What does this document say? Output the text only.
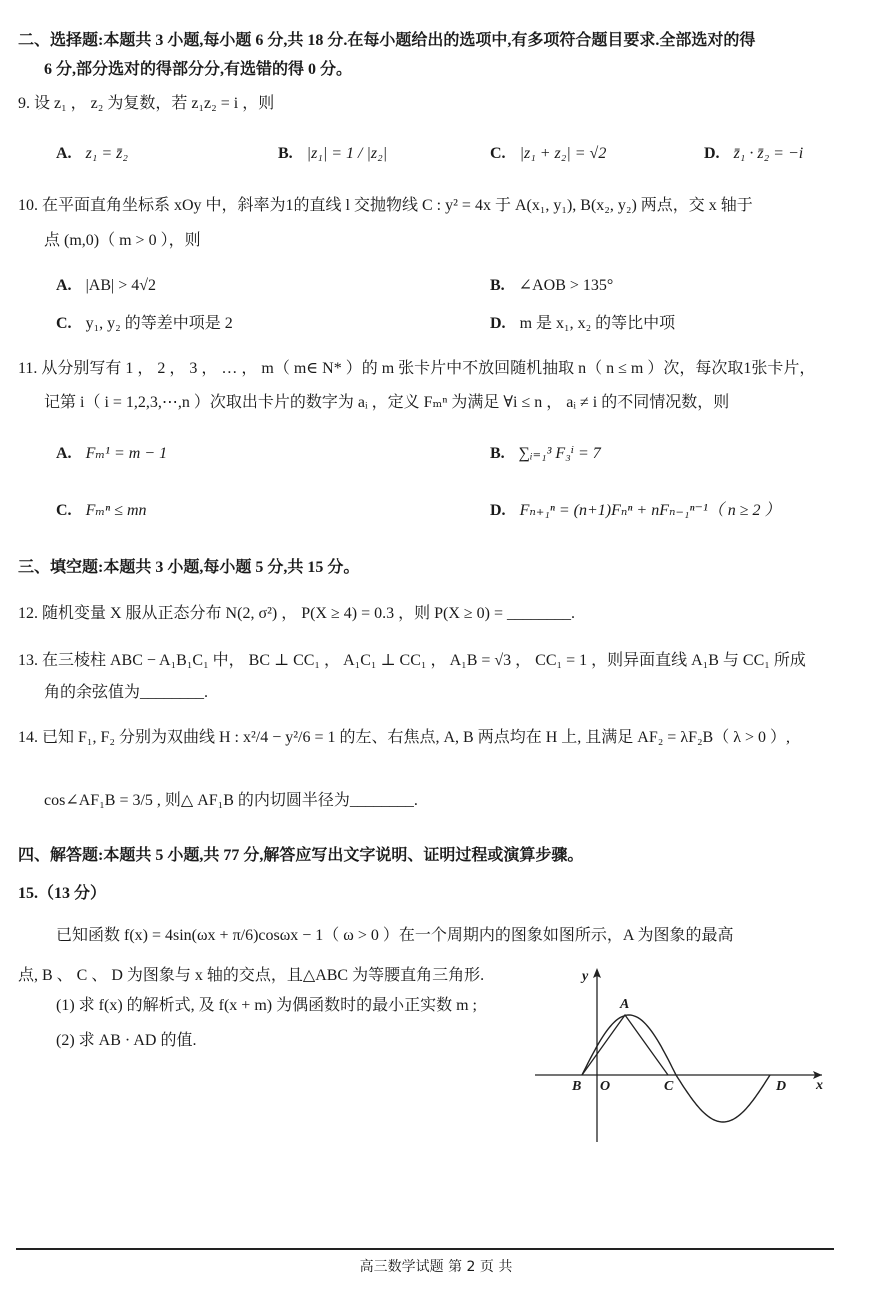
二、选择题:本题共 3 小题,每小题 6 分,共 18 分.在每小题给出的选项中,有多项符合题目要求.全部选对的得
6 分,部分选对的得部分分,有选错的得 0 分。
9. 设 z₁ ， z₂ 为复数，若 z₁z₂ = i ，则
A. z₁ = z̄₂	B. |z₁| = 1 / |z₂|	C. |z₁ + z₂| = √2	D. z̄₁ · z̄₂ = −i
10. 在平面直角坐标系 xOy 中，斜率为1的直线 l 交抛物线 C : y² = 4x 于 A(x₁, y₁), B(x₂, y₂) 两点，交 x 轴于
点 (m,0)（ m > 0 ），则
A. |AB| > 4√2	B. ∠AOB > 135°
C. y₁, y₂ 的等差中项是 2	D. m 是 x₁, x₂ 的等比中项
11. 从分别写有 1 ， 2 ， 3 ， … ， m（ m∈ N* ）的 m 张卡片中不放回随机抽取 n（ n ≤ m ）次，每次取1张卡片，
记第 i（ i = 1,2,3,⋯,n ）次取出卡片的数字为 aᵢ ，定义 Fₘⁿ 为满足 ∀i ≤ n ， aᵢ ≠ i 的不同情况数，则
A. Fₘ¹ = m − 1	B. ∑ᵢ₌₁³ F₃ⁱ = 7
C. Fₘⁿ ≤ mn	D. Fₙ₊₁ⁿ = (n+1)Fₙⁿ + nFₙ₋₁ⁿ⁻¹（ n ≥ 2 ）
三、填空题:本题共 3 小题,每小题 5 分,共 15 分。
12. 随机变量 X 服从正态分布 N(2, σ²) ， P(X ≥ 4) = 0.3 ，则 P(X ≥ 0) = ________.
13. 在三棱柱 ABC − A₁B₁C₁ 中， BC ⊥ CC₁ ， A₁C₁ ⊥ CC₁ ， A₁B = √3 ， CC₁ = 1 ，则异面直线 A₁B 与 CC₁ 所成
角的余弦值为________.
14. 已知 F₁, F₂ 分别为双曲线 H : x²/4 − y²/6 = 1 的左、右焦点, A, B 两点均在 H 上, 且满足 AF₂ = λF₂B（ λ > 0 ）,
cos∠AF₁B = 3/5 , 则△ AF₁B 的内切圆半径为________.
四、解答题:本题共 5 小题,共 77 分,解答应写出文字说明、证明过程或演算步骤。
15.（13 分）
已知函数 f(x) = 4sin(ωx + π/6)cosωx − 1（ ω > 0 ）在一个周期内的图象如图所示，A 为图象的最高
点, B 、 C 、 D 为图象与 x 轴的交点，且△ABC 为等腰直角三角形.
(1) 求 f(x) 的解析式, 及 f(x + m) 为偶函数时的最小正实数 m ;
(2) 求 AB · AD 的值.
y
x
A
B O	C	D
高三数学试题 第 2 页 共
